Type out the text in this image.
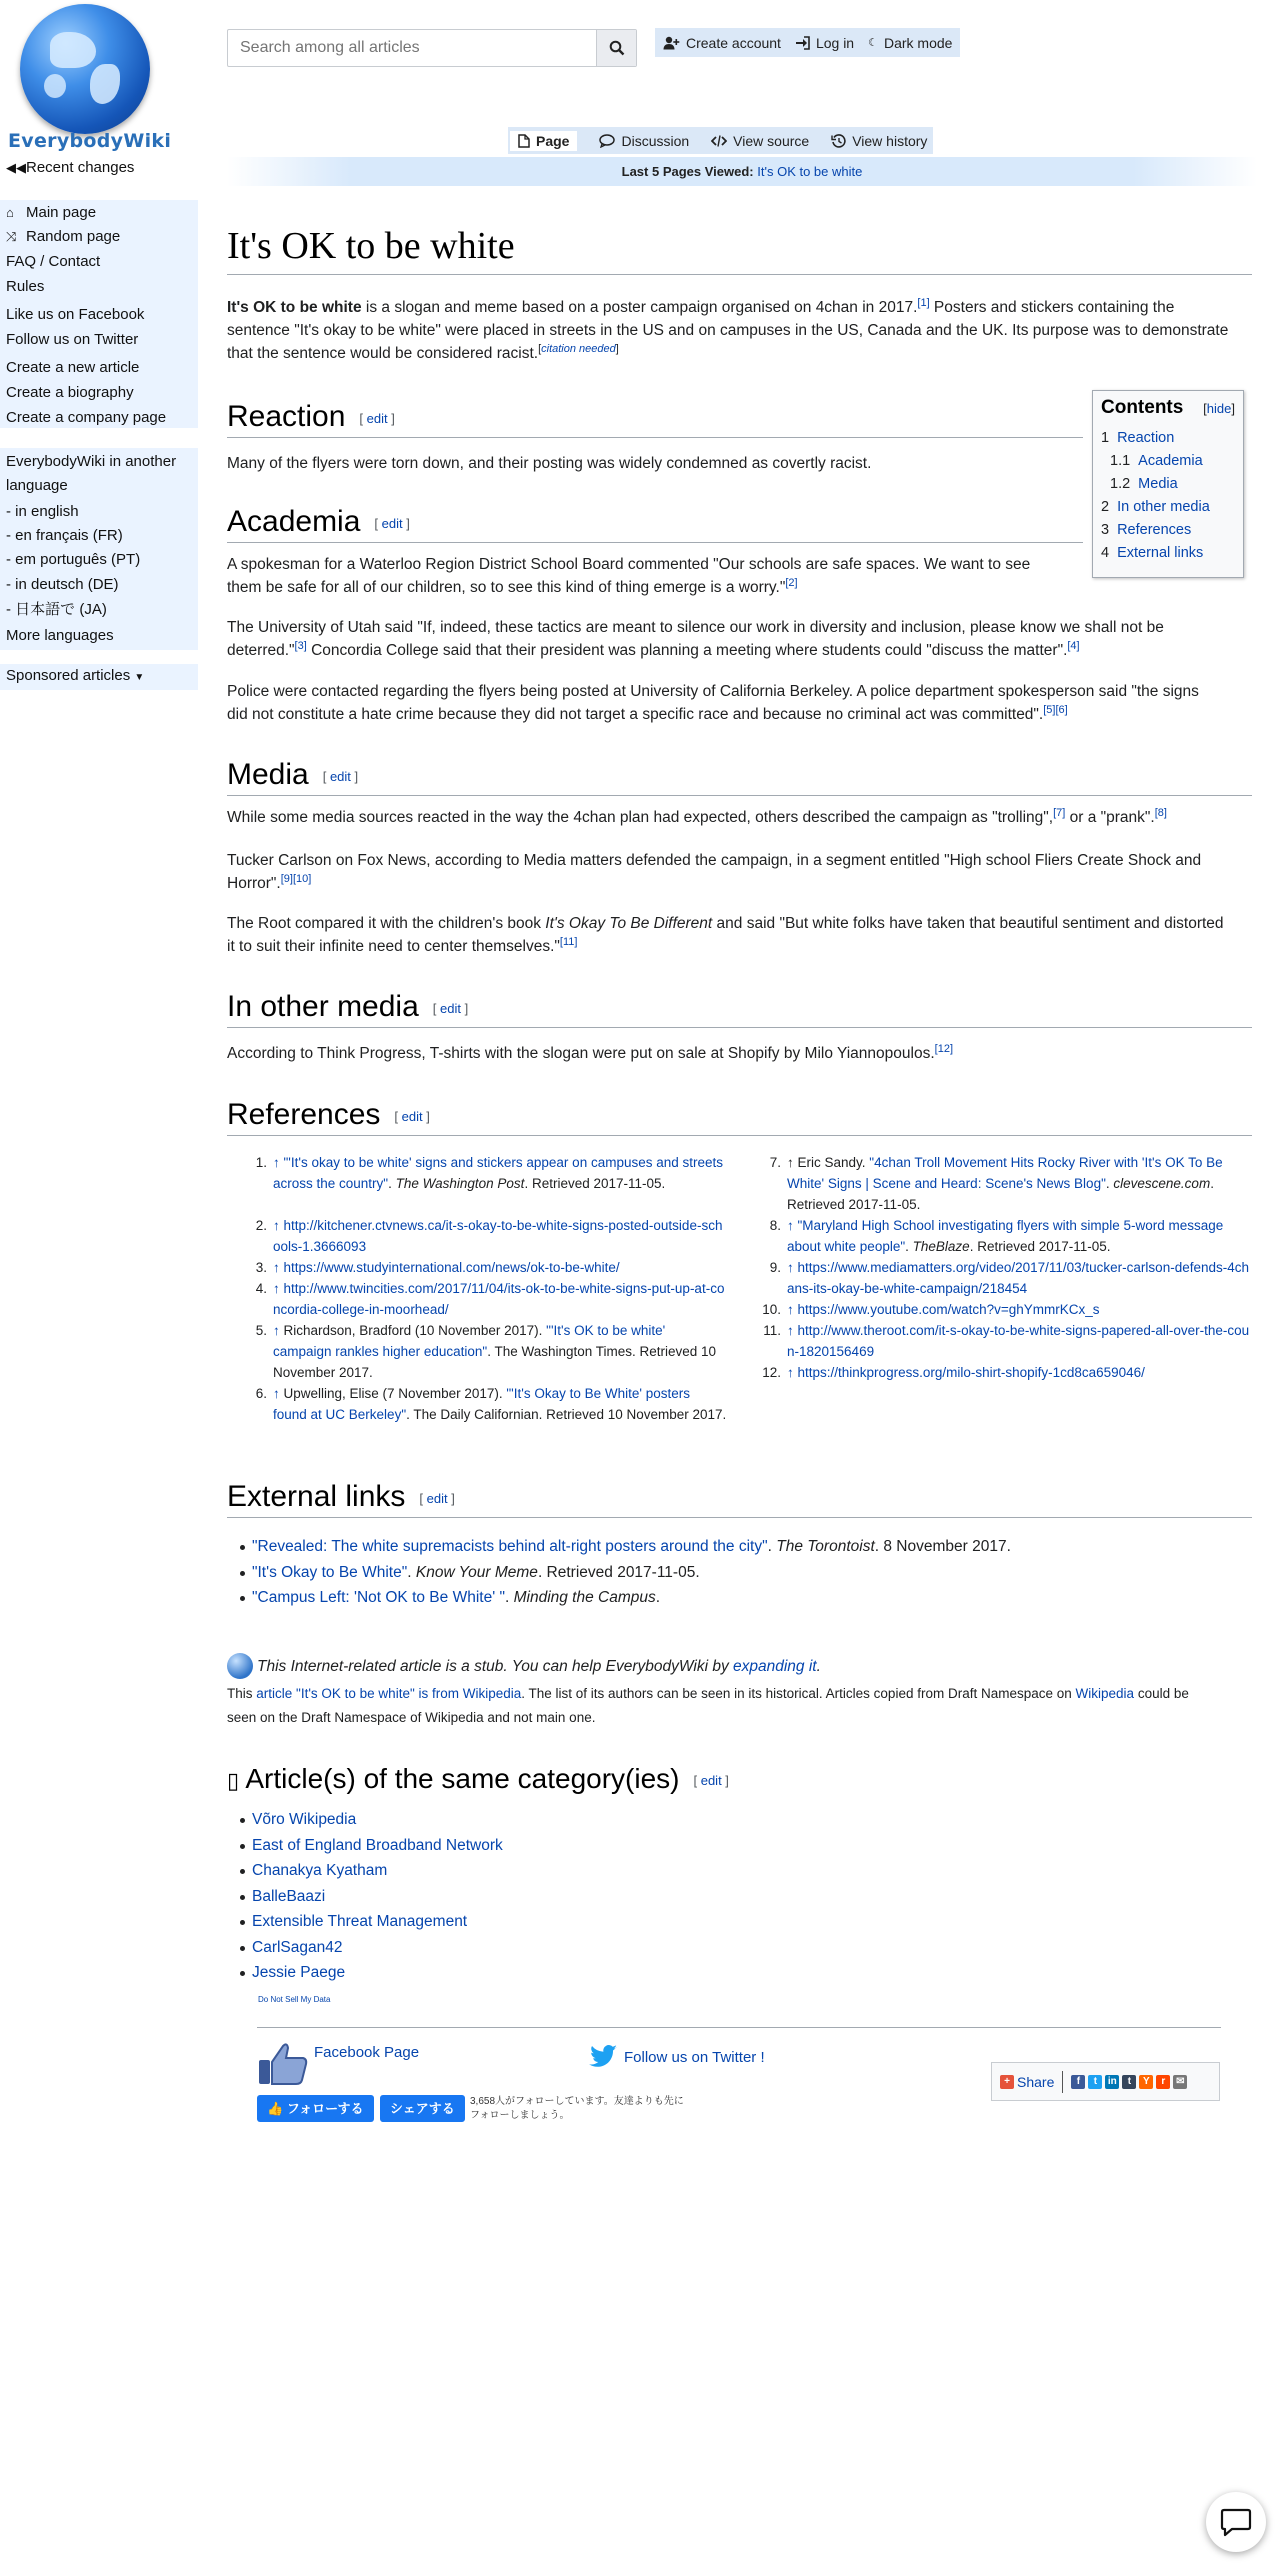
EverybodyWiki
◀◀Recent changes
⌂ Main page
⤨ Random page
FAQ / Contact
Rules
Like us on Facebook
Follow us on Twitter
Create a new article
Create a biography
Create a company page
EverybodyWiki in another language
- in english
- en français (FR)
- em português (PT)
- in deutsch (DE)
- 日本語で (JA)
More languages
Sponsored articles ▼
Search among all articles
Create account	Log in ☾ Dark mode
Page	Discussion	View source	View history
Last 5 Pages Viewed: It's OK to be white
It's OK to be white
It's OK to be white is a slogan and meme based on a poster campaign organised on 4chan in 2017.[1] Posters and stickers containing the
sentence "It's okay to be white" were placed in streets in the US and on campuses in the US, Canada and the UK. Its purpose was to demonstrate
that the sentence would be considered racist.[citation needed]
Reaction [ edit ]
Many of the flyers were torn down, and their posting was widely condemned as covertly racist.
Academia [ edit ]
A spokesman for a Waterloo Region District School Board commented "Our schools are safe spaces. We want to see
them be safe for all of our children, so to see this kind of thing emerge is a worry."[2]
The University of Utah said "If, indeed, these tactics are meant to silence our work in diversity and inclusion, please know we shall not be
deterred."[3] Concordia College said that their president was planning a meeting where students could "discuss the matter".[4]
Police were contacted regarding the flyers being posted at University of California Berkeley. A police department spokesperson said "the signs
did not constitute a hate crime because they did not target a specific race and because no criminal act was committed".[5][6]
Media [ edit ]
While some media sources reacted in the way the 4chan plan had expected, others described the campaign as "trolling",[7] or a "prank".[8]
Tucker Carlson on Fox News, according to Media matters defended the campaign, in a segment entitled "High school Fliers Create Shock and
Horror".[9][10]
The Root compared it with the children's book It's Okay To Be Different and said "But white folks have taken that beautiful sentiment and distorted
it to suit their infinite need to center themselves."[11]
In other media [ edit ]
According to Think Progress, T-shirts with the slogan were put on sale at Shopify by Milo Yiannopoulos.[12]
References [ edit ]
1. ↑ "'It's okay to be white' signs and stickers appear on campuses and streets across the country". The Washington Post. Retrieved 2017-11-05.
2. ↑ http://kitchener.ctvnews.ca/it-s-okay-to-be-white-signs-posted-outside-schools-1.3666093
3. ↑ https://www.studyinternational.com/news/ok-to-be-white/
4. ↑ http://www.twincities.com/2017/11/04/its-ok-to-be-white-signs-put-up-at-concordia-college-in-moorhead/
5. ↑ Richardson, Bradford (10 November 2017). "'It's OK to be white' campaign rankles higher education". The Washington Times. Retrieved 10 November 2017.
6. ↑ Upwelling, Elise (7 November 2017). "'It's Okay to Be White' posters found at UC Berkeley". The Daily Californian. Retrieved 10 November 2017.
7. ↑ Eric Sandy. "4chan Troll Movement Hits Rocky River with 'It's OK To Be White' Signs | Scene and Heard: Scene's News Blog". clevescene.com. Retrieved 2017-11-05.
8. ↑ "Maryland High School investigating flyers with simple 5-word message about white people". TheBlaze. Retrieved 2017-11-05.
9. ↑ https://www.mediamatters.org/video/2017/11/03/tucker-carlson-defends-4chans-its-okay-be-white-campaign/218454
10. ↑ https://www.youtube.com/watch?v=ghYmmrKCx_s
11. ↑ http://www.theroot.com/it-s-okay-to-be-white-signs-papered-all-over-the-coun-1820156469
12. ↑ https://thinkprogress.org/milo-shirt-shopify-1cd8ca659046/
External links [ edit ]
"Revealed: The white supremacists behind alt-right posters around the city". The Torontoist. 8 November 2017.
"It's Okay to Be White". Know Your Meme. Retrieved 2017-11-05.
"Campus Left: 'Not OK to Be White' ". Minding the Campus.
This Internet-related article is a stub. You can help EverybodyWiki by expanding it.
This article "It's OK to be white" is from Wikipedia. The list of its authors can be seen in its historical. Articles copied from Draft Namespace on Wikipedia could be
seen on the Draft Namespace of Wikipedia and not main one.
▯ Article(s) of the same category(ies) [ edit ]
Võro Wikipedia
East of England Broadband Network
Chanakya Kyatham
BalleBaazi
Extensible Threat Management
CarlSagan42
Jessie Paege
Contents [hide]
1 Reaction
1.1 Academia
1.2 Media
2 In other media
3 References
4 External links
Do Not Sell My Data
Facebook Page	Follow us on Twitter !
👍 フォローする	シェアする	3,658人がフォローしています。友達よりも先に
フォローしましょう。
+ Share	f	t	in	t	Y	r	✉
